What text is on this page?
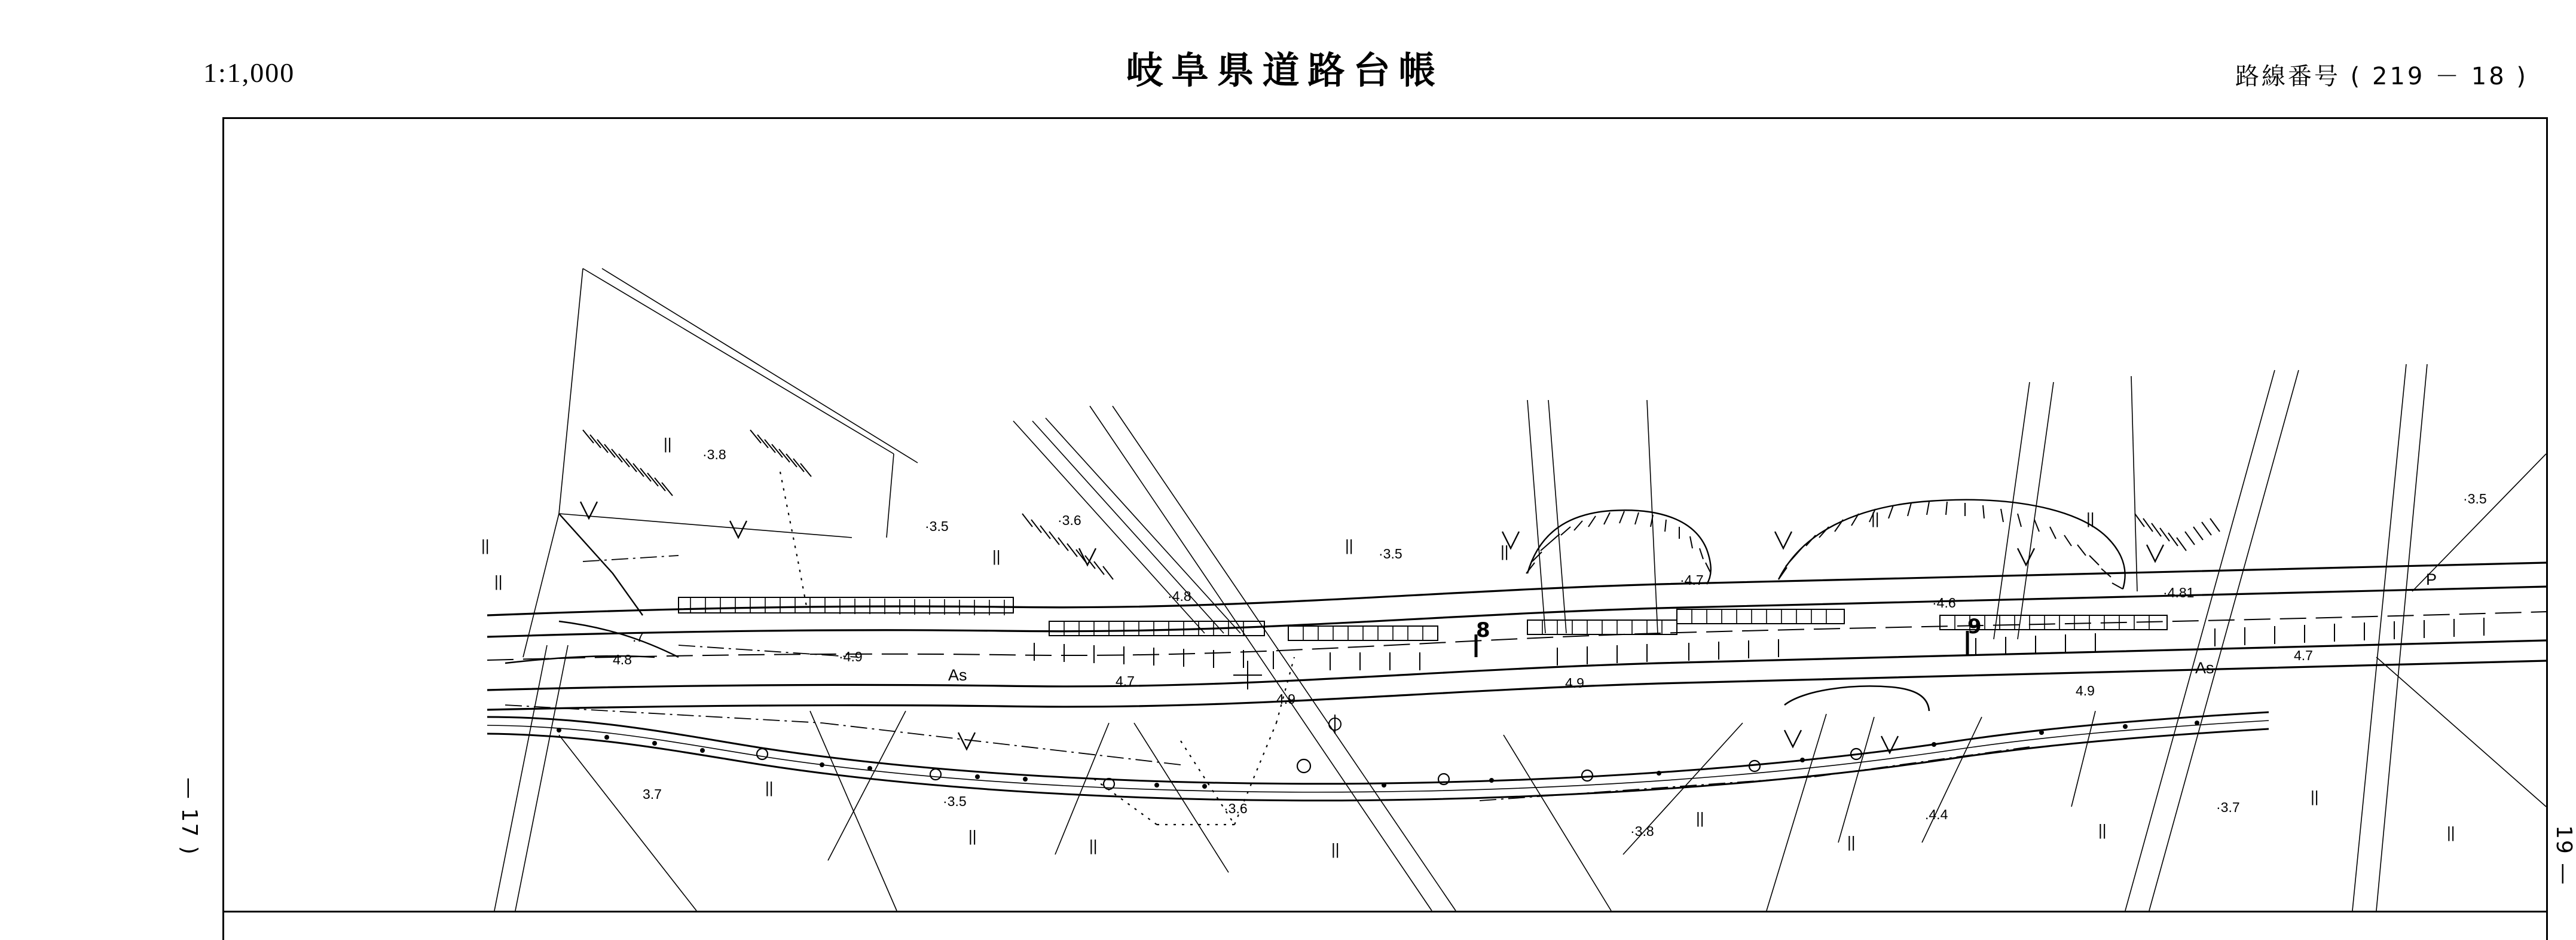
1:1,000	岐阜県道路台帳	路線番号 ( 219 － 18 )
— 17 )	19 —
8	9
As	As
P
·3.8
·3.5	·3.6
·3.5
·4.7
·4.8	·4.6
·4.81
·3.5
.7
4.8	·4.9
4.7
4.9
4.9	4.9
4.7
3.7	·3.5	·3.6
·3.8
.4.4	·3.7
||
||
||	||
||	||
||
||
||	||
||
||
||
||
||
||
||
